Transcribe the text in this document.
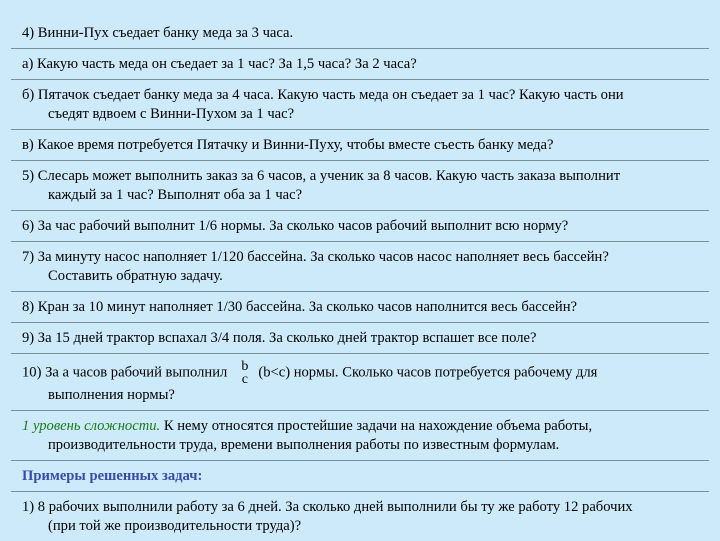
4) Винни-Пух съедает банку меда за 3 часа.
а) Какую часть меда он съедает за 1 час? За 1,5 часа? За 2 часа?
б) Пятачок съедает банку меда за 4 часа. Какую часть меда он съедает за 1 час? Какую часть они
съедят вдвоем с Винни-Пухом за 1 час?
в) Какое время потребуется Пятачку и Винни-Пуху, чтобы вместе съесть банку меда?
5) Слесарь может выполнить заказ за 6 часов, а ученик за 8 часов. Какую часть заказа выполнит
каждый за 1 час? Выполнят оба за 1 час?
6) За час рабочий выполнит 1/6 нормы. За сколько часов рабочий выполнит всю норму?
7) За минуту насос наполняет 1/120 бассейна. За сколько часов насос наполняет весь бассейн?
Составить обратную задачу.
8) Кран за 10 минут наполняет 1/30 бассейна. За сколько часов наполнится весь бассейн?
9) За 15 дней трактор вспахал 3/4 поля. За сколько дней трактор вспашет все поле?
10) За а часов рабочий выполнил b
c (b<c) нормы. Сколько часов потребуется рабочему для
выполнения нормы?
1 уровень сложности. К нему относятся простейшие задачи на нахождение объема работы,
производительности труда, времени выполнения работы по известным формулам.
Примеры решенных задач:
1) 8 рабочих выполнили работу за 6 дней. За сколько дней выполнили бы ту же работу 12 рабочих
(при той же производительности труда)?
